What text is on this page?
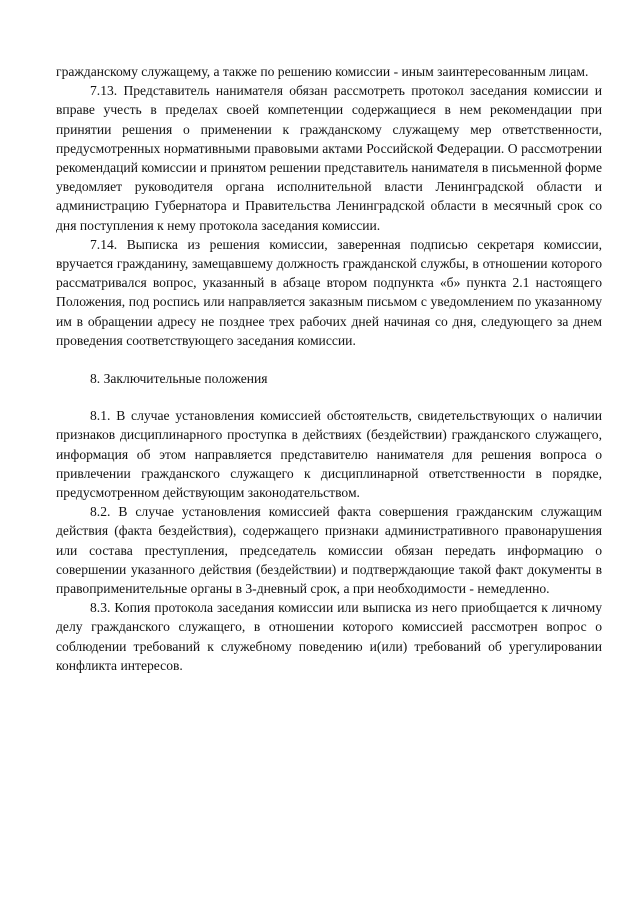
гражданскому служащему, а также по решению комиссии - иным заинтересованным лицам.

7.13. Представитель нанимателя обязан рассмотреть протокол заседания комиссии и вправе учесть в пределах своей компетенции содержащиеся в нем рекомендации при принятии решения о применении к гражданскому служащему мер ответственности, предусмотренных нормативными правовыми актами Российской Федерации. О рассмотрении рекомендаций комиссии и принятом решении представитель нанимателя в письменной форме уведомляет руководителя органа исполнительной власти Ленинградской области и администрацию Губернатора и Правительства Ленинградской области в месячный срок со дня поступления к нему протокола заседания комиссии.

7.14. Выписка из решения комиссии, заверенная подписью секретаря комиссии, вручается гражданину, замещавшему должность гражданской службы, в отношении которого рассматривался вопрос, указанный в абзаце втором подпункта «б» пункта 2.1 настоящего Положения, под роспись или направляется заказным письмом с уведомлением по указанному им в обращении адресу не позднее трех рабочих дней начиная со дня, следующего за днем проведения соответствующего заседания комиссии.

8. Заключительные положения

8.1. В случае установления комиссией обстоятельств, свидетельствующих о наличии признаков дисциплинарного проступка в действиях (бездействии) гражданского служащего, информация об этом направляется представителю нанимателя для решения вопроса о привлечении гражданского служащего к дисциплинарной ответственности в порядке, предусмотренном действующим законодательством.

8.2. В случае установления комиссией факта совершения гражданским служащим действия (факта бездействия), содержащего признаки административного правонарушения или состава преступления, председатель комиссии обязан передать информацию о совершении указанного действия (бездействии) и подтверждающие такой факт документы в правоприменительные органы в 3-дневный срок, а при необходимости - немедленно.

8.3. Копия протокола заседания комиссии или выписка из него приобщается к личному делу гражданского служащего, в отношении которого комиссией рассмотрен вопрос о соблюдении требований к служебному поведению и(или) требований об урегулировании конфликта интересов.
